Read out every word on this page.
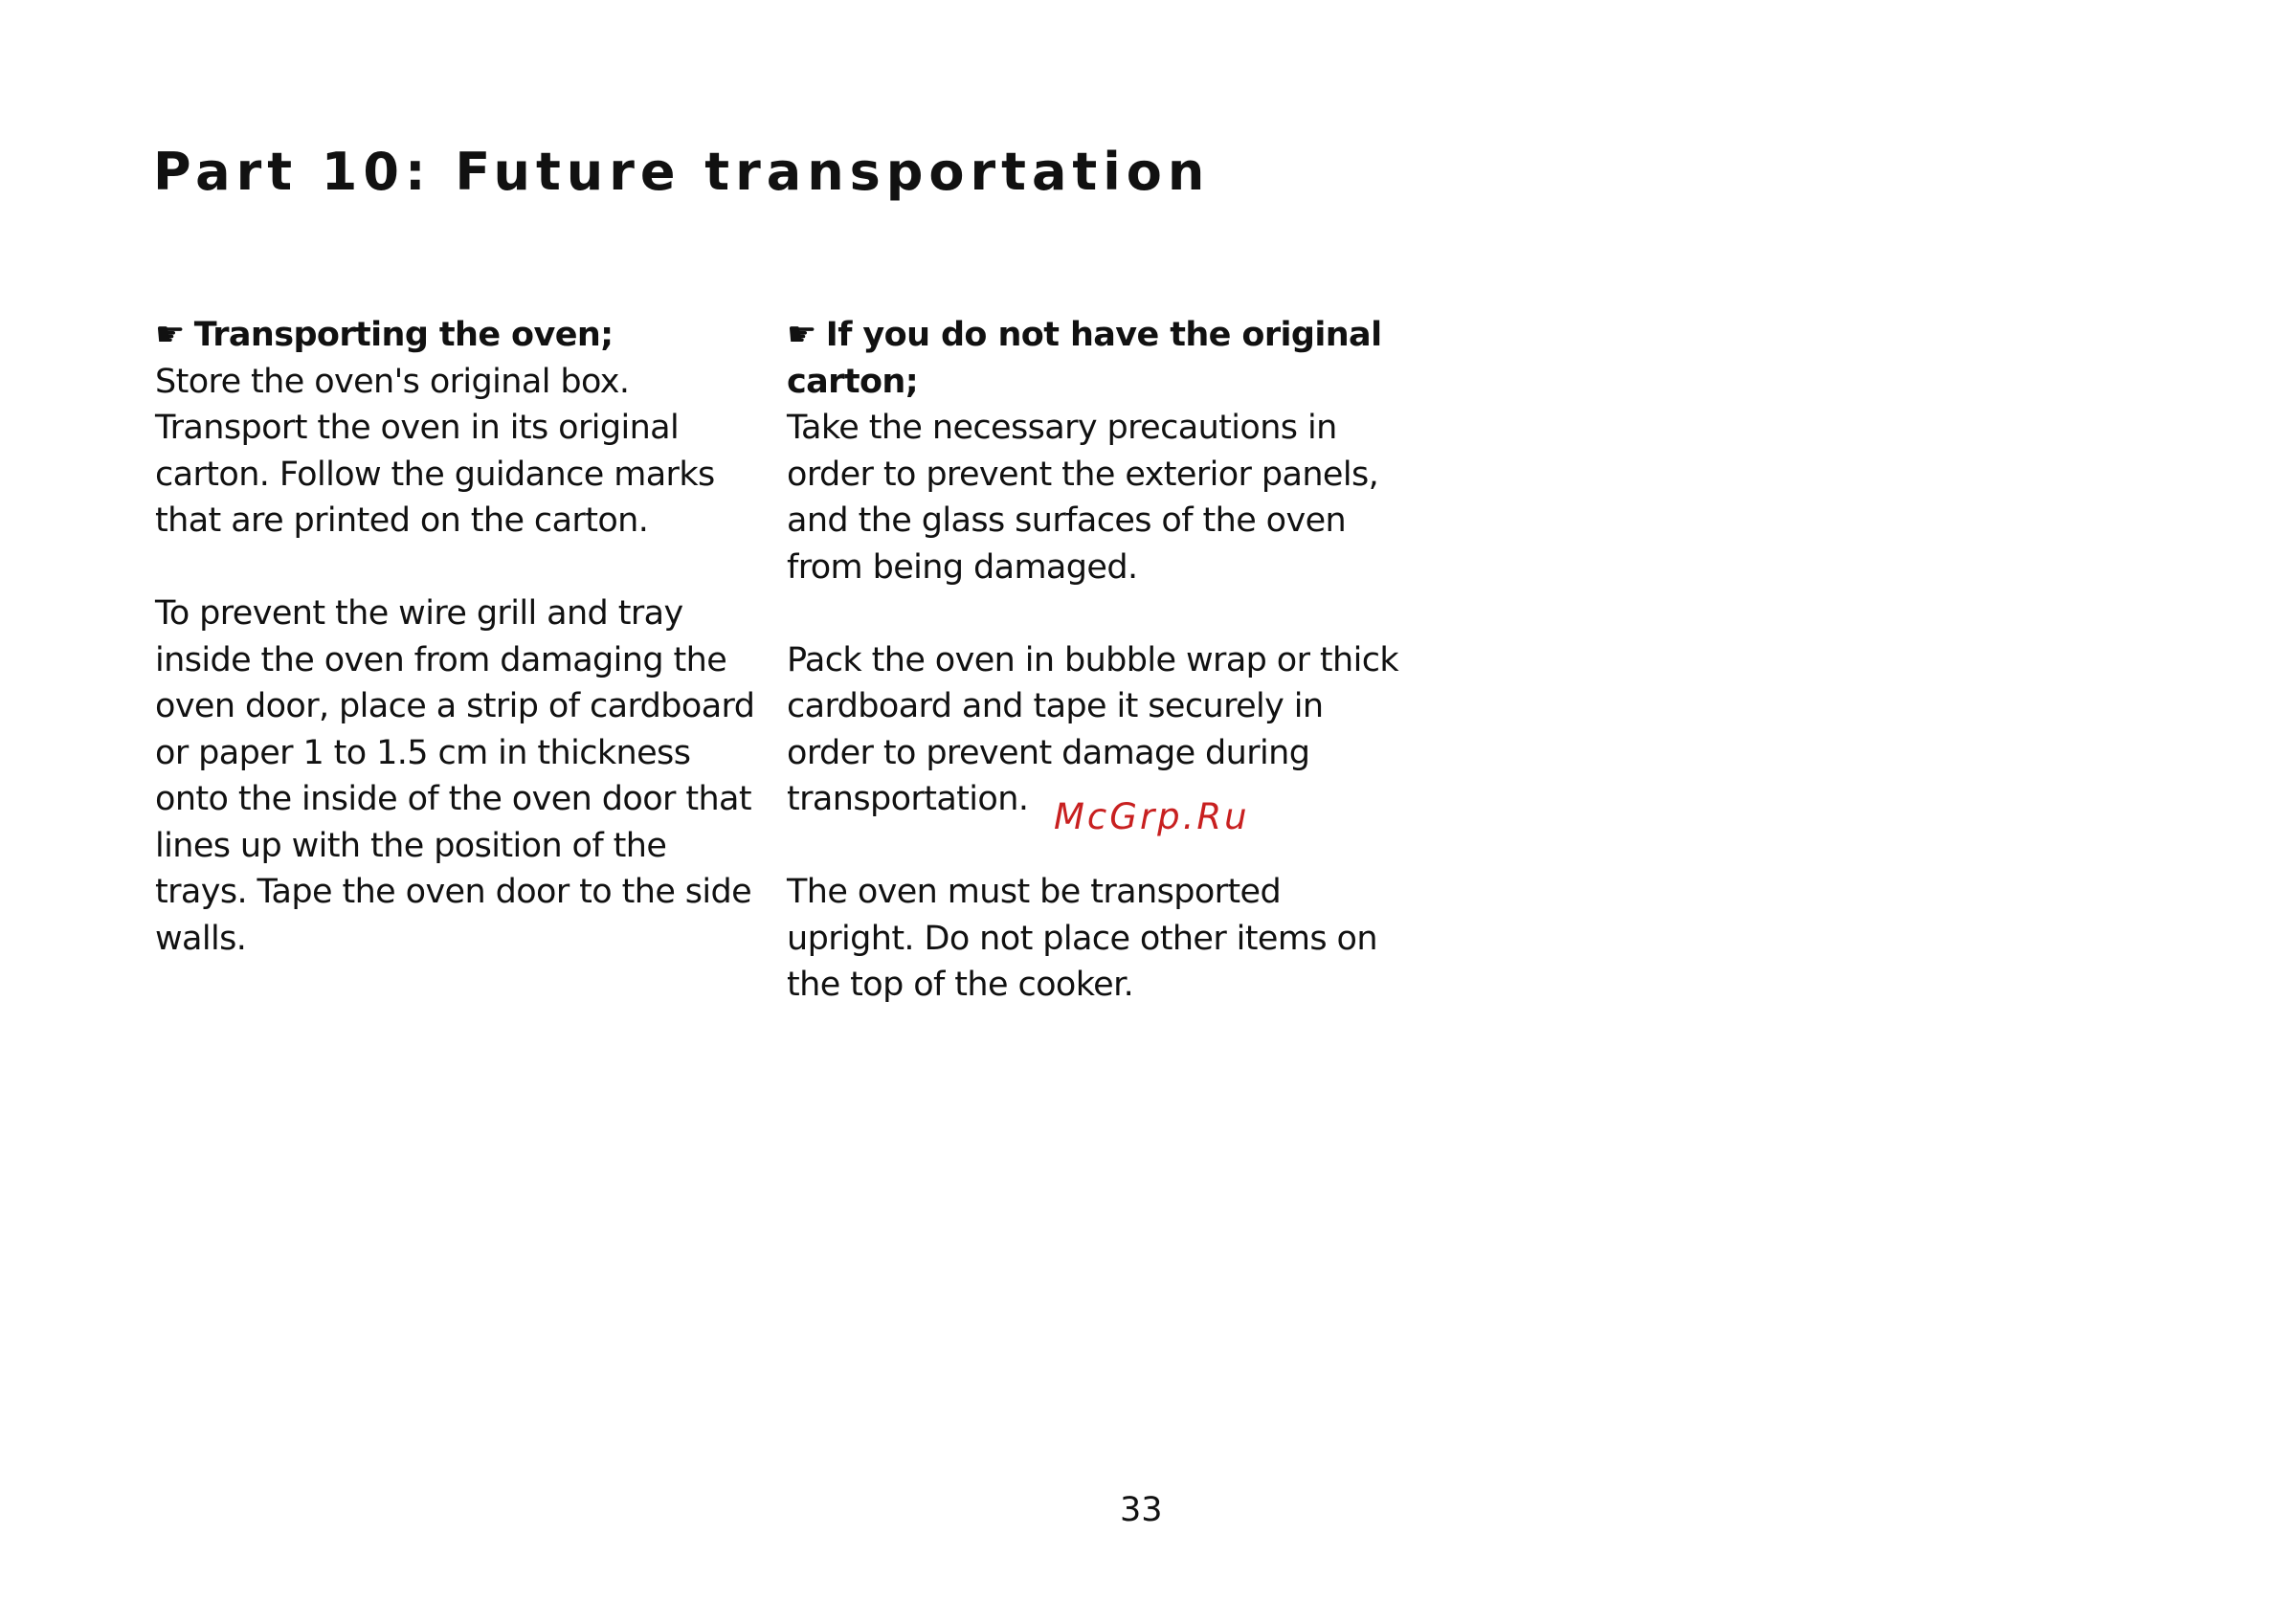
Part 10: Future transportation

☛ Transporting the oven;

Store the oven's original box. Transport the oven in its original carton. Follow the guidance marks that are printed on the carton.

To prevent the wire grill and tray inside the oven from damaging the oven door, place a strip of cardboard or paper 1 to 1.5 cm in thickness onto the inside of the oven door that lines up with the position of the trays. Tape the oven door to the side walls.

☛ If you do not have the original carton;

Take the necessary precautions in order to prevent the exterior panels, and the glass surfaces of the oven from being damaged.

Pack the oven in bubble wrap or thick cardboard and tape it securely in order to prevent damage during transportation.

The oven must be transported upright. Do not place other items on the top of the cooker.

McGrp.Ru
33
